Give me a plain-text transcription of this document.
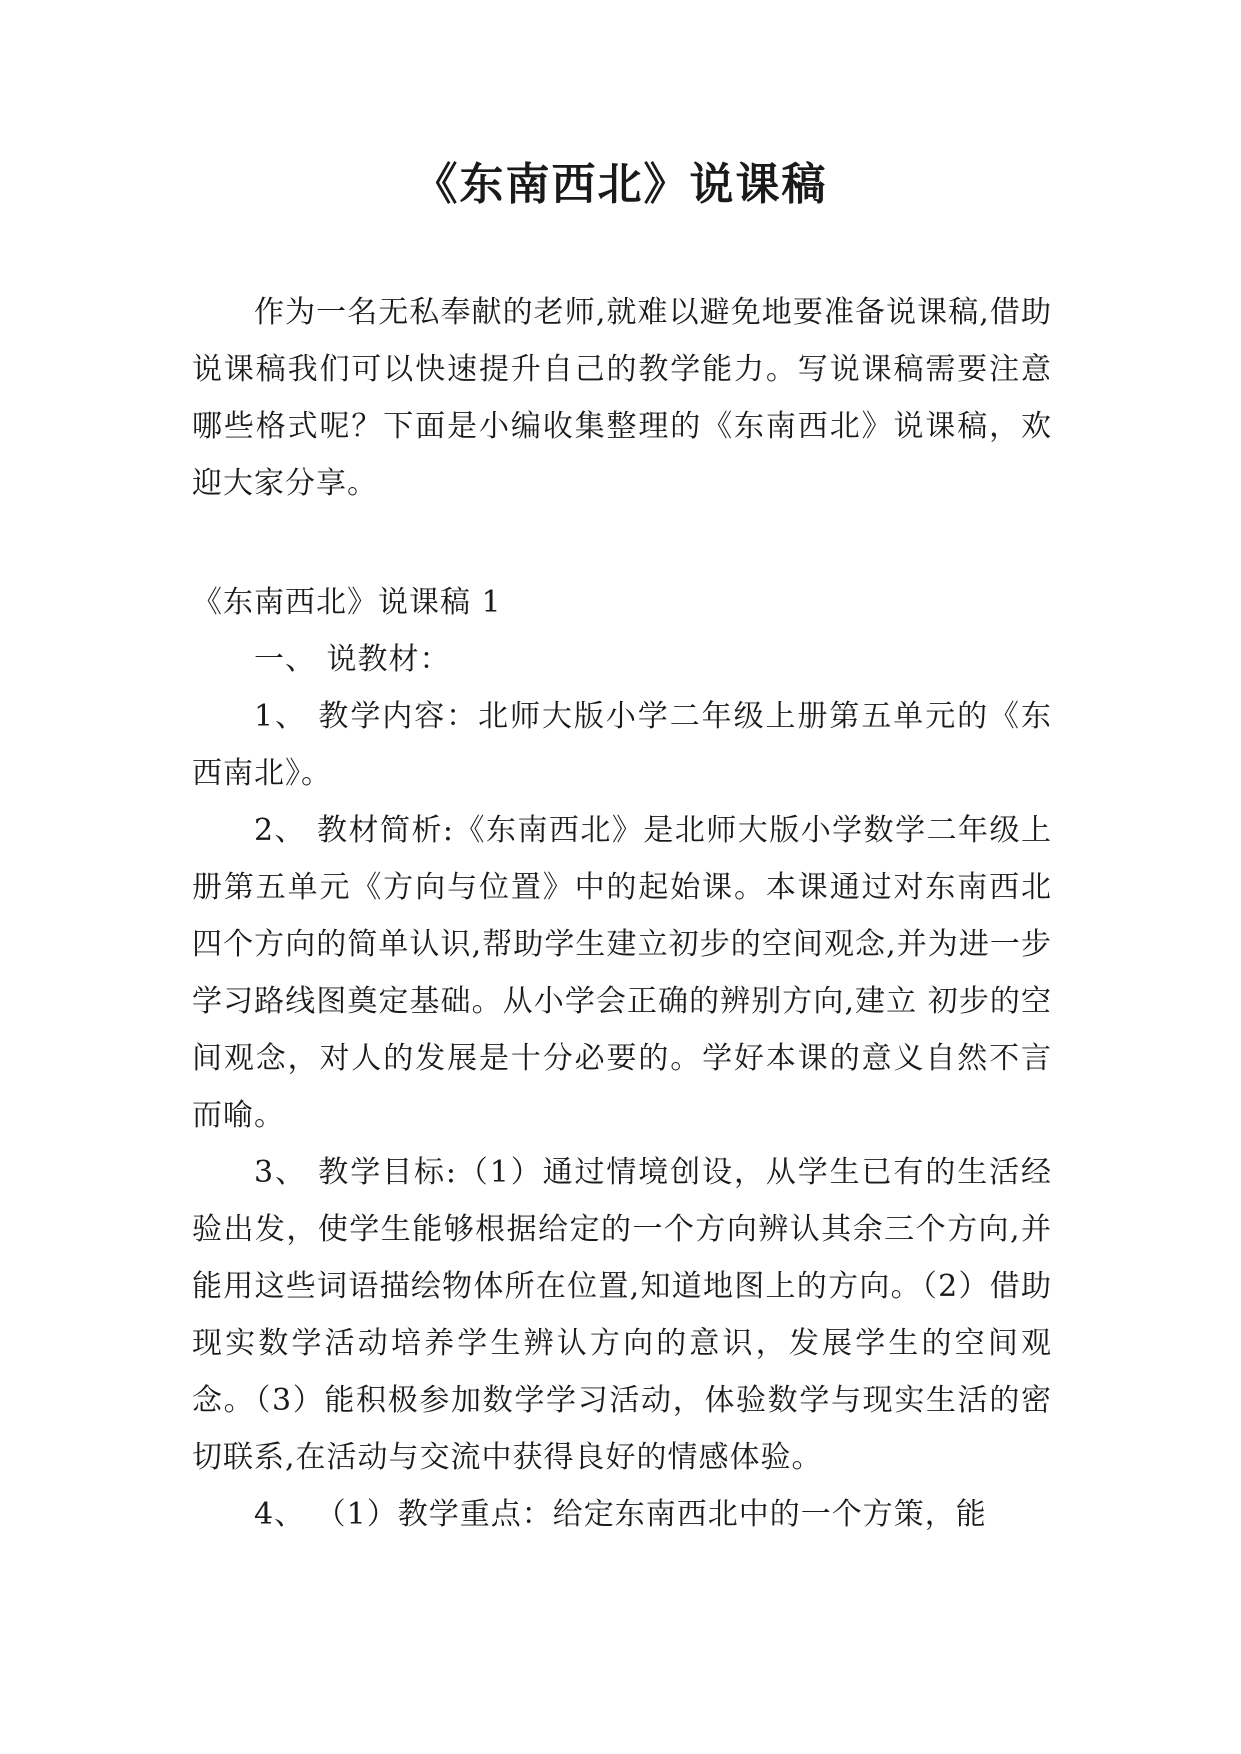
《东南西北》说课稿

作为一名无私奉献的老师,就难以避免地要准备说课稿,借助说课稿我们可以快速提升自己的教学能力。写说课稿需要注意哪些格式呢？下面是小编收集整理的《东南西北》说课稿，欢迎大家分享。

《东南西北》说课稿 1

一、 说教材：

1、 教学内容：北师大版小学二年级上册第五单元的《东西南北》。

2、 教材简析:《东南西北》是北师大版小学数学二年级上册第五单元《方向与位置》中的起始课。本课通过对东南西北四个方向的简单认识,帮助学生建立初步的空间观念,并为进一步学习路线图奠定基础。从小学会正确的辨别方向,建立 初步的空间观念，对人的发展是十分必要的。学好本课的意义自然不言而喻。

3、 教学目标:（1）通过情境创设，从学生已有的生活经验出发，使学生能够根据给定的一个方向辨认其余三个方向,并能用这些词语描绘物体所在位置,知道地图上的方向。（2）借助现实数学活动培养学生辨认方向的意识，发展学生的空间观念。（3）能积极参加数学学习活动，体验数学与现实生活的密切联系,在活动与交流中获得良好的情感体验。

4、 （1）教学重点：给定东南西北中的一个方策，能
